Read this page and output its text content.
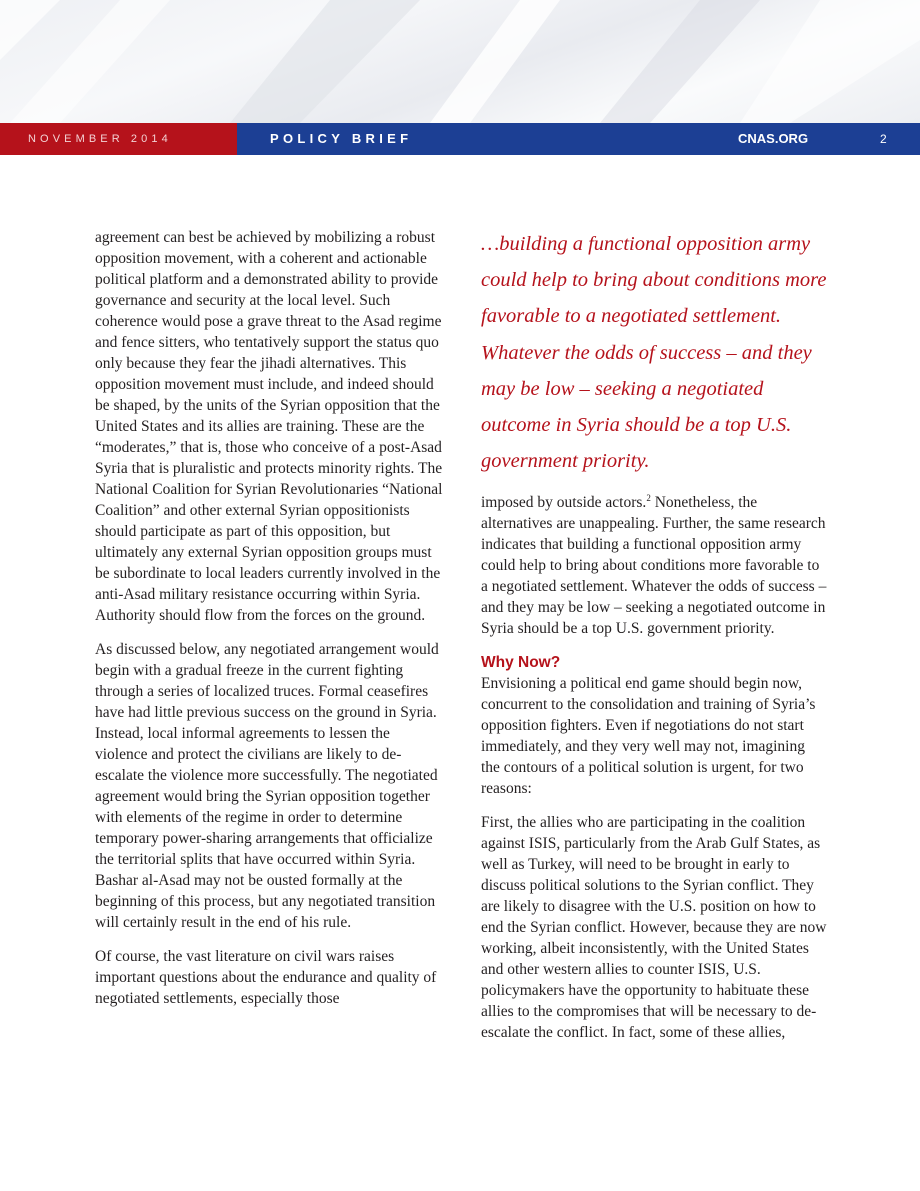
NOVEMBER 2014	POLICY BRIEF	CNAS.ORG	2

agreement can best be achieved by mobilizing a robust opposition movement, with a coherent and actionable political platform and a demonstrated ability to provide governance and security at the local level. Such coherence would pose a grave threat to the Asad regime and fence sitters, who tentatively support the status quo only because they fear the jihadi alternatives. This opposition movement must include, and indeed should be shaped, by the units of the Syrian opposition that the United States and its allies are training. These are the “moderates,” that is, those who conceive of a post-Asad Syria that is pluralistic and protects minority rights. The National Coalition for Syrian Revolutionaries “National Coalition” and other external Syrian oppositionists should participate as part of this opposition, but ultimately any external Syrian opposition groups must be subordinate to local leaders currently involved in the anti-Asad military resistance occurring within Syria. Authority should flow from the forces on the ground.

As discussed below, any negotiated arrangement would begin with a gradual freeze in the current fighting through a series of localized truces. Formal ceasefires have had little previous success on the ground in Syria. Instead, local informal agreements to lessen the violence and protect the civilians are likely to de-escalate the violence more successfully. The negotiated agreement would bring the Syrian opposition together with elements of the regime in order to determine temporary power-sharing arrangements that officialize the territorial splits that have occurred within Syria. Bashar al-Asad may not be ousted formally at the beginning of this process, but any negotiated transition will certainly result in the end of his rule.

Of course, the vast literature on civil wars raises important questions about the endurance and quality of negotiated settlements, especially those

…building a functional opposition army could help to bring about conditions more favorable to a negotiated settlement. Whatever the odds of success – and they may be low – seeking a negotiated outcome in Syria should be a top U.S. government priority.

imposed by outside actors.$^2$ Nonetheless, the alternatives are unappealing. Further, the same research indicates that building a functional opposition army could help to bring about conditions more favorable to a negotiated settlement. Whatever the odds of success – and they may be low – seeking a negotiated outcome in Syria should be a top U.S. government priority.

Why Now?

Envisioning a political end game should begin now, concurrent to the consolidation and training of Syria’s opposition fighters. Even if negotiations do not start immediately, and they very well may not, imagining the contours of a political solution is urgent, for two reasons:

First, the allies who are participating in the coalition against ISIS, particularly from the Arab Gulf States, as well as Turkey, will need to be brought in early to discuss political solutions to the Syrian conflict. They are likely to disagree with the U.S. position on how to end the Syrian conflict. However, because they are now working, albeit inconsistently, with the United States and other western allies to counter ISIS, U.S. policymakers have the opportunity to habituate these allies to the compromises that will be necessary to de-escalate the conflict. In fact, some of these allies,
